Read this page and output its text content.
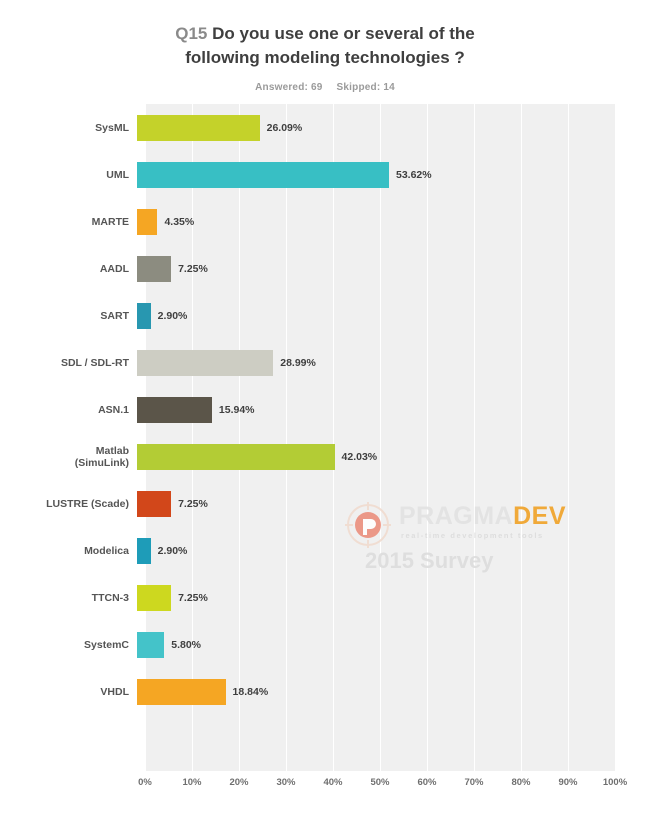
Q15 Do you use one or several of the
following modeling technologies ?
Answered: 69 Skipped: 14
SysML	26.09%
UML	53.62%
MARTE	4.35%
AADL	7.25%
SART	2.90%
SDL / SDL-RT	28.99%
ASN.1	15.94%
Matlab
(SimuLink)	42.03%
LUSTRE (Scade)	7.25%
Modelica	2.90%
TTCN-3	7.25%
SystemC	5.80%
VHDL	18.84%
0%	10%	20%	30%	40%	50%	60%	70%	80%	90%	100%
PRAGMADEV
real-time development tools
2015 Survey
